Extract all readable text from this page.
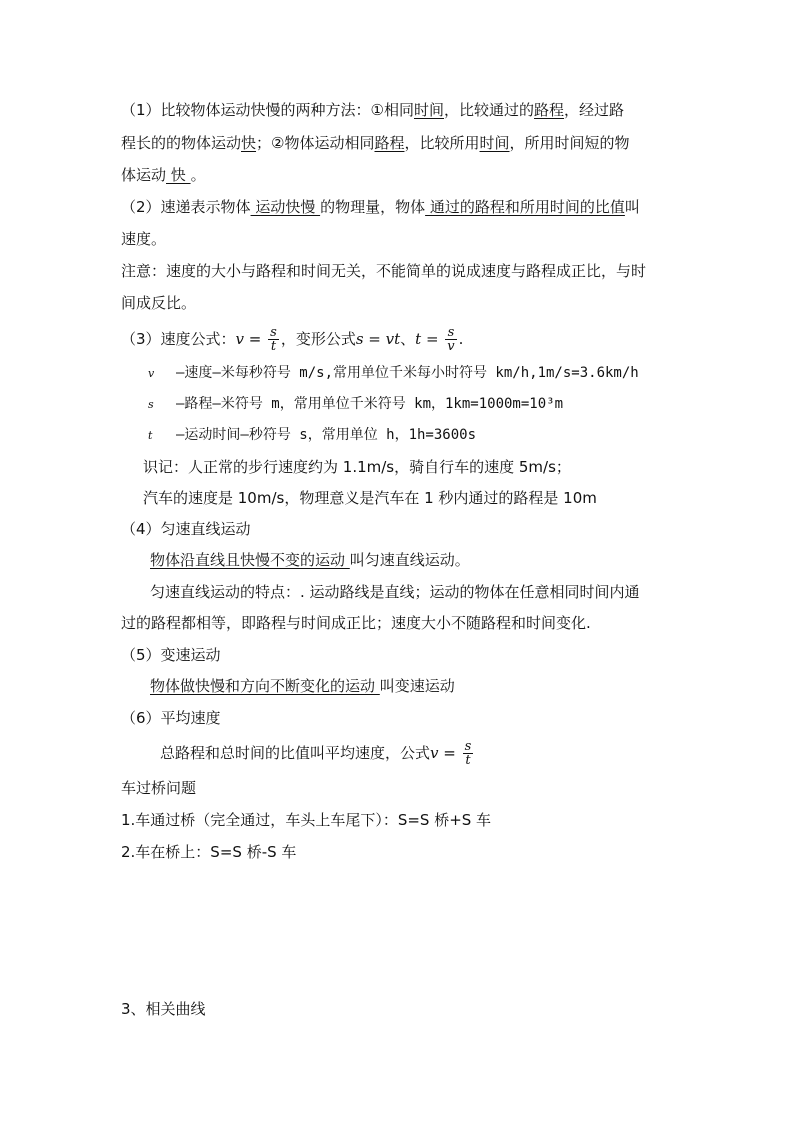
（1）比较物体运动快慢的两种方法：①相同时间，比较通过的路程，经过路
程长的的物体运动快；②物体运动相同路程，比较所用时间，所用时间短的物
体运动 快 。
（2）速递表示物体 运动快慢 的物理量，物体 通过的路程和所用时间的比值叫
速度。
注意：速度的大小与路程和时间无关，不能简单的说成速度与路程成正比，与时
间成反比。
（3）速度公式：$v = \frac{s}{t}$ ，变形公式s = vt、$t = \frac{s}{v}$ .
v —速度—米每秒符号 m/s,常用单位千米每小时符号 km/h,1m/s=3.6km/h
s —路程—米符号 m，常用单位千米符号 km，1km=1000m=10³m
t —运动时间—秒符号 s，常用单位 h，1h=3600s
识记：人正常的步行速度约为 1.1m/s，骑自行车的速度 5m/s；
汽车的速度是 10m/s，物理意义是汽车在 1 秒内通过的路程是 10m
（4）匀速直线运动
物体沿直线且快慢不变的运动 叫匀速直线运动。
匀速直线运动的特点：. 运动路线是直线；运动的物体在任意相同时间内通
过的路程都相等，即路程与时间成正比；速度大小不随路程和时间变化.
（5）变速运动
物体做快慢和方向不断变化的运动 叫变速运动
（6）平均速度
总路程和总时间的比值叫平均速度，公式$v = \frac{s}{t}$
车过桥问题
1.车通过桥（完全通过，车头上车尾下）：S=S 桥+S 车
2.车在桥上：S=S 桥-S 车
3、相关曲线
